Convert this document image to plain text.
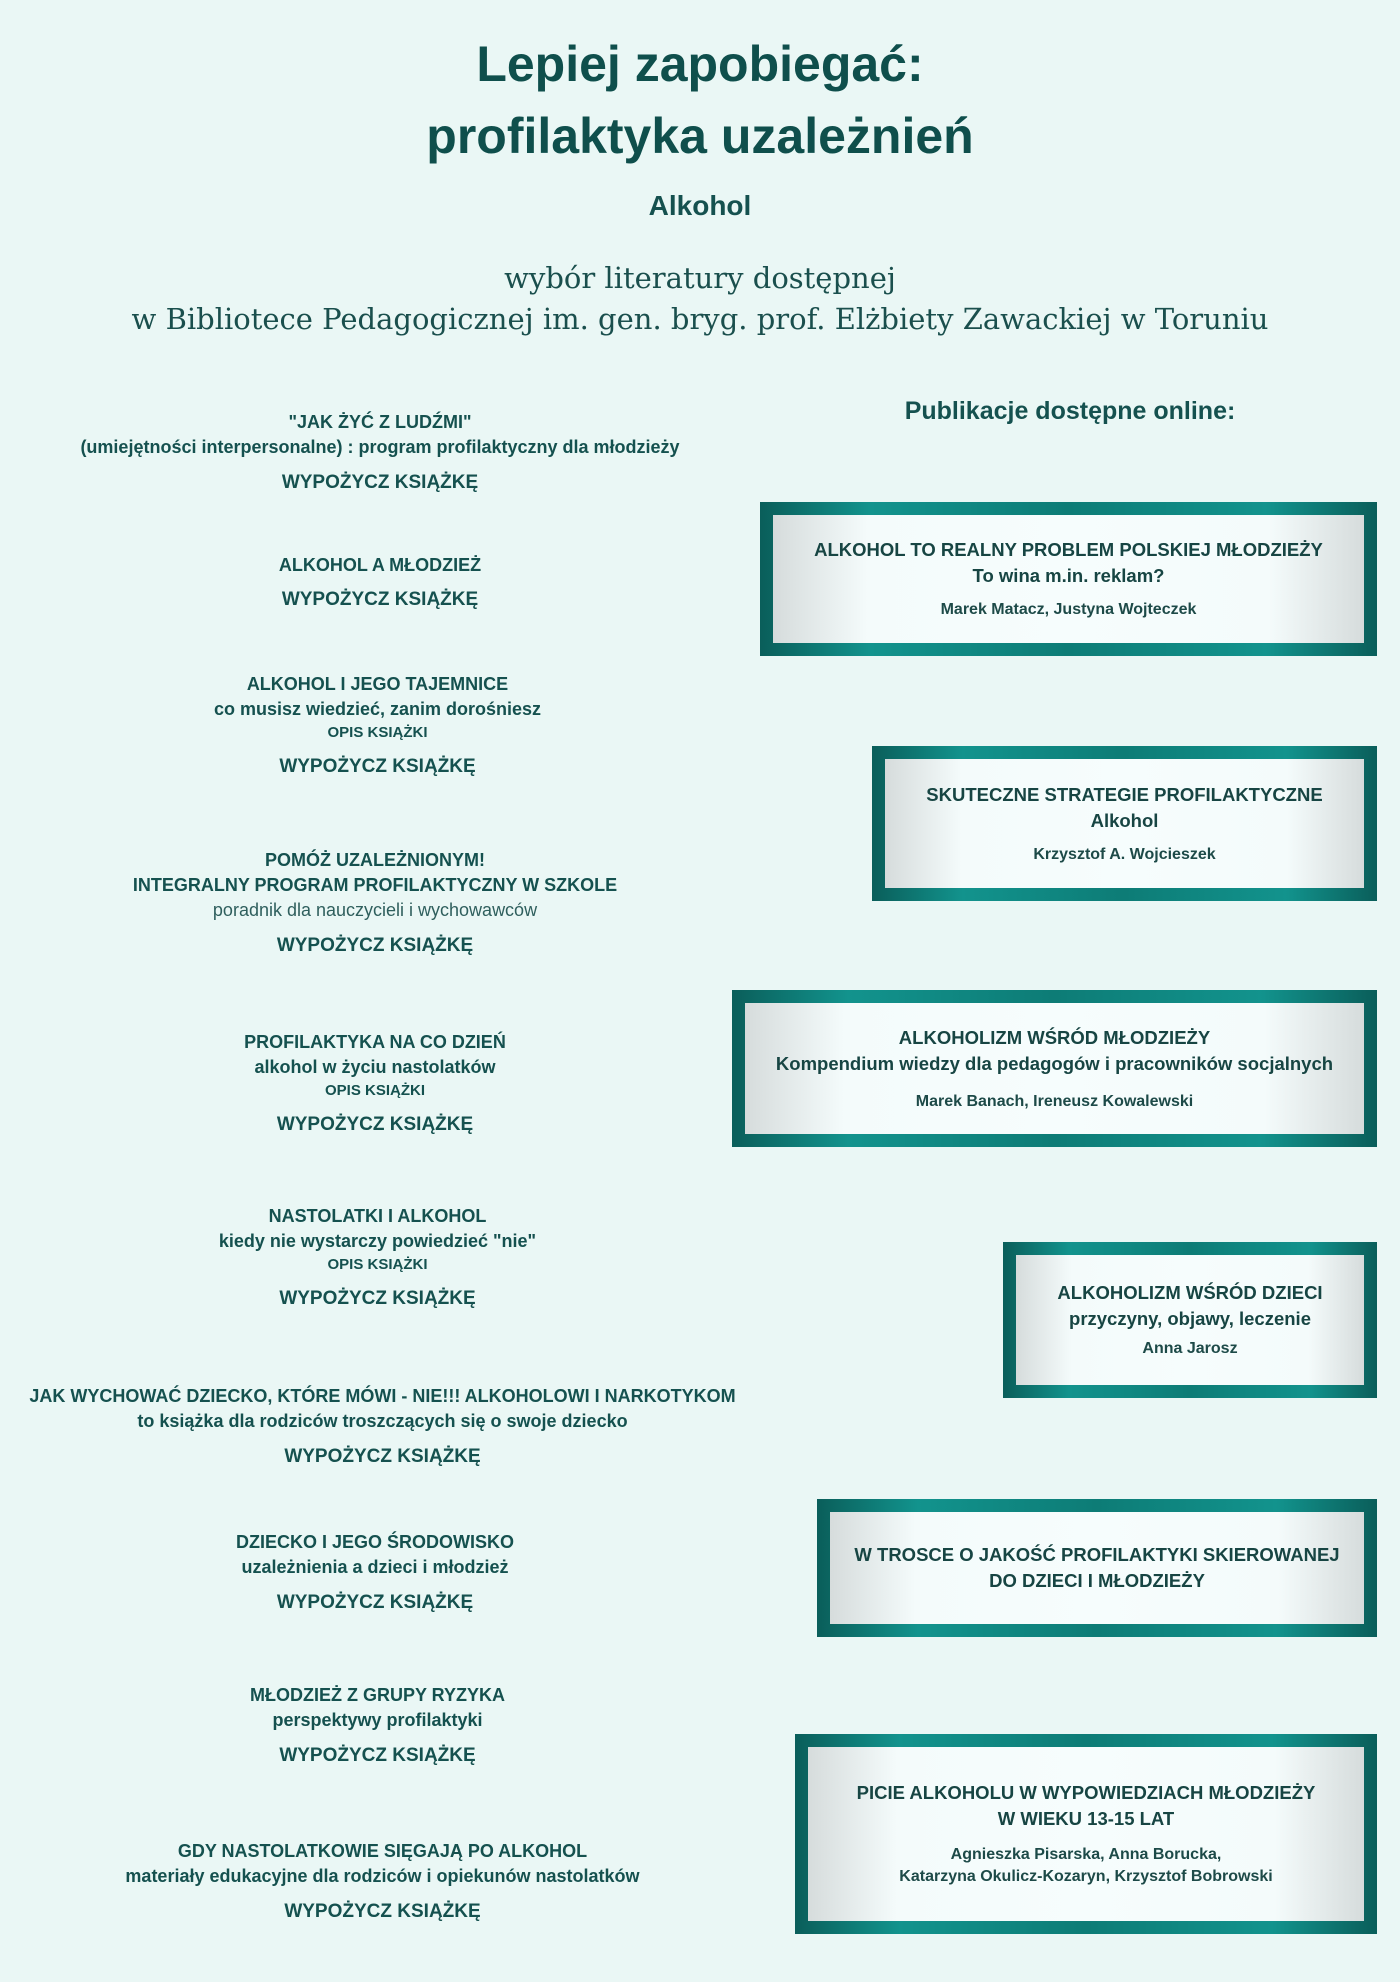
Lepiej zapobiegać:
profilaktyka uzależnień
Alkohol
wybór literatury dostępnej
w Bibliotece Pedagogicznej im. gen. bryg. prof. Elżbiety Zawackiej w Toruniu
Publikacje dostępne online:
"JAK ŻYĆ Z LUDŹMI"
(umiejętności interpersonalne) : program profilaktyczny dla młodzieży
WYPOŻYCZ KSIĄŻKĘ
ALKOHOL A MŁODZIEŻ
WYPOŻYCZ KSIĄŻKĘ
ALKOHOL I JEGO TAJEMNICE
co musisz wiedzieć, zanim dorośniesz
OPIS KSIĄŻKI
WYPOŻYCZ KSIĄŻKĘ
POMÓŻ UZALEŻNIONYM!
INTEGRALNY PROGRAM PROFILAKTYCZNY W SZKOLE
poradnik dla nauczycieli i wychowawców
WYPOŻYCZ KSIĄŻKĘ
PROFILAKTYKA NA CO DZIEŃ
alkohol w życiu nastolatków
OPIS KSIĄŻKI
WYPOŻYCZ KSIĄŻKĘ
NASTOLATKI I ALKOHOL
kiedy nie wystarczy powiedzieć "nie"
OPIS KSIĄŻKI
WYPOŻYCZ KSIĄŻKĘ
JAK WYCHOWAĆ DZIECKO, KTÓRE MÓWI - NIE!!! ALKOHOLOWI I NARKOTYKOM
to książka dla rodziców troszczących się o swoje dziecko
WYPOŻYCZ KSIĄŻKĘ
DZIECKO I JEGO ŚRODOWISKO
uzależnienia a dzieci i młodzież
WYPOŻYCZ KSIĄŻKĘ
MŁODZIEŻ Z GRUPY RYZYKA
perspektywy profilaktyki
WYPOŻYCZ KSIĄŻKĘ
GDY NASTOLATKOWIE SIĘGAJĄ PO ALKOHOL
materiały edukacyjne dla rodziców i opiekunów nastolatków
WYPOŻYCZ KSIĄŻKĘ
ALKOHOL TO REALNY PROBLEM POLSKIEJ MŁODZIEŻY
To wina m.in. reklam?
Marek Matacz, Justyna Wojteczek
SKUTECZNE STRATEGIE PROFILAKTYCZNE
Alkohol
Krzysztof A. Wojcieszek
ALKOHOLIZM WŚRÓD MŁODZIEŻY
Kompendium wiedzy dla pedagogów i pracowników socjalnych
Marek Banach, Ireneusz Kowalewski
ALKOHOLIZM WŚRÓD DZIECI
przyczyny, objawy, leczenie
Anna Jarosz
W TROSCE O JAKOŚĆ PROFILAKTYKI SKIEROWANEJ
DO DZIECI I MŁODZIEŻY
PICIE ALKOHOLU W WYPOWIEDZIACH MŁODZIEŻY
W WIEKU 13-15 LAT
Agnieszka Pisarska, Anna Borucka,
Katarzyna Okulicz-Kozaryn, Krzysztof Bobrowski
